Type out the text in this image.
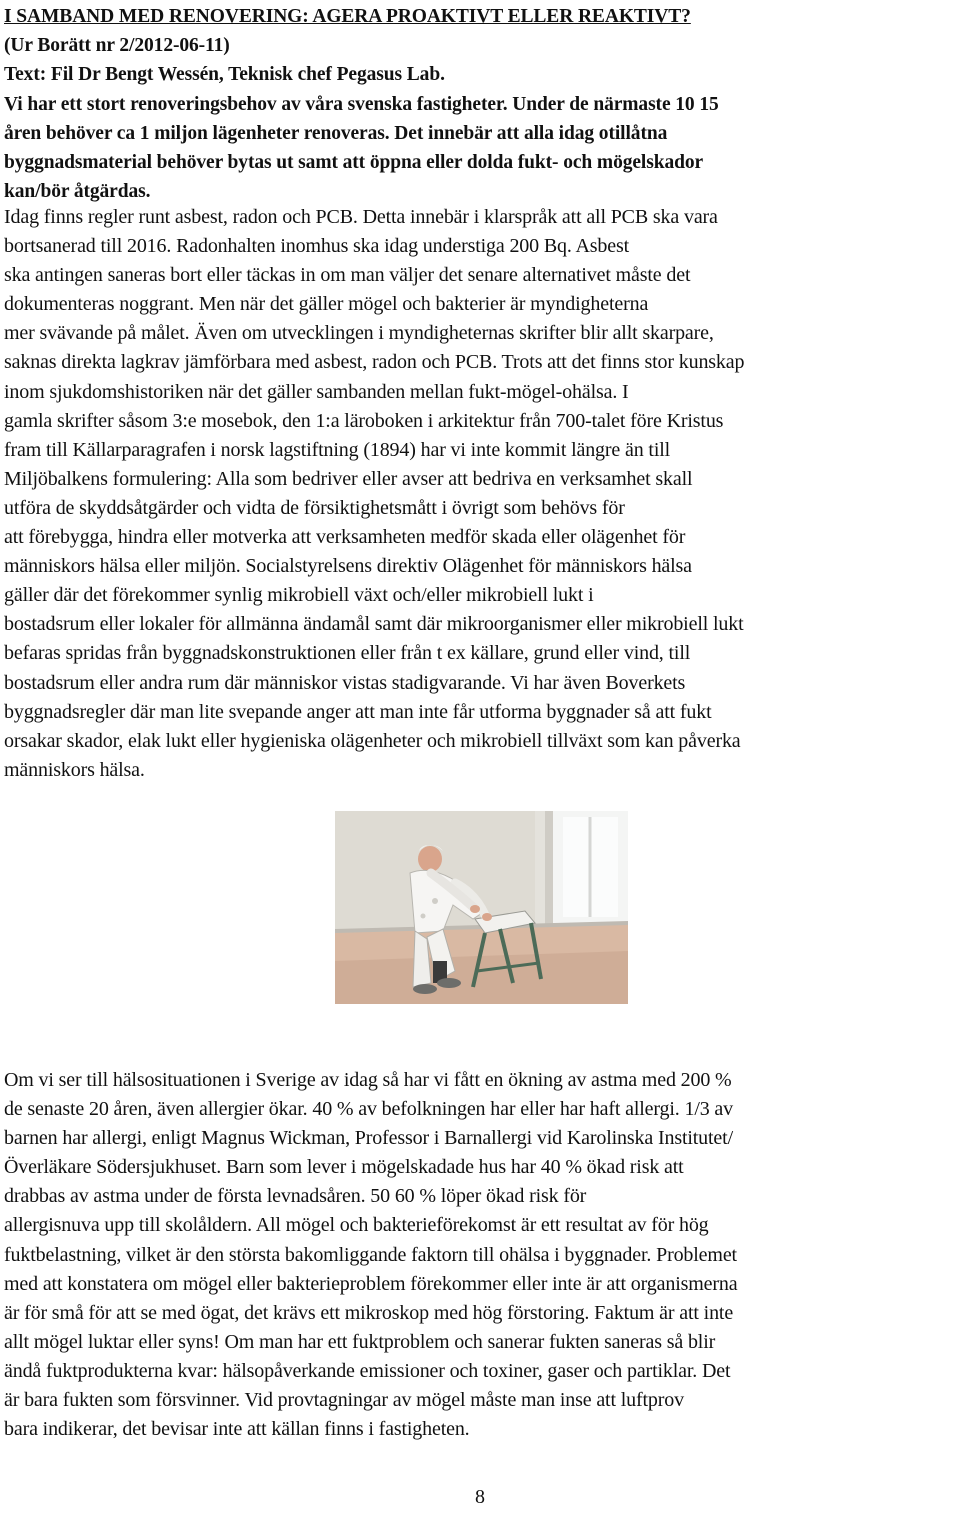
I SAMBAND MED RENOVERING: AGERA PROAKTIVT ELLER REAKTIVT?
(Ur Borätt nr 2/2012-06-11)
Text: Fil Dr Bengt Wessén, Teknisk chef Pegasus Lab.
Vi har ett stort renoveringsbehov av våra svenska fastigheter. Under de närmaste 10 15
åren behöver ca 1 miljon lägenheter renoveras. Det innebär att alla idag otillåtna
byggnadsmaterial behöver bytas ut samt att öppna eller dolda fukt- och mögelskador
kan/bör åtgärdas.
Idag finns regler runt asbest, radon och PCB. Detta innebär i klarspråk att all PCB ska vara
bortsanerad till 2016. Radonhalten inomhus ska idag understiga 200 Bq. Asbest
ska antingen saneras bort eller täckas in om man väljer det senare alternativet måste det
dokumenteras noggrant. Men när det gäller mögel och bakterier är myndigheterna
mer svävande på målet. Även om utvecklingen i myndigheternas skrifter blir allt skarpare,
saknas direkta lagkrav jämförbara med asbest, radon och PCB. Trots att det finns stor kunskap
inom sjukdomshistoriken när det gäller sambanden mellan fukt-mögel-ohälsa. I
gamla skrifter såsom 3:e mosebok, den 1:a läroboken i arkitektur från 700-talet före Kristus
fram till Källarparagrafen i norsk lagstiftning (1894) har vi inte kommit längre än till
Miljöbalkens formulering: Alla som bedriver eller avser att bedriva en verksamhet skall
utföra de skyddsåtgärder och vidta de försiktighetsmått i övrigt som behövs för
att förebygga, hindra eller motverka att verksamheten medför skada eller olägenhet för
människors hälsa eller miljön. Socialstyrelsens direktiv Olägenhet för människors hälsa
gäller där det förekommer synlig mikrobiell växt och/eller mikrobiell lukt i
bostadsrum eller lokaler för allmänna ändamål samt där mikroorganismer eller mikrobiell lukt
befaras spridas från byggnadskonstruktionen eller från t ex källare, grund eller vind, till
bostadsrum eller andra rum där människor vistas stadigvarande. Vi har även Boverkets
byggnadsregler där man lite svepande anger att man inte får utforma byggnader så att fukt
orsakar skador, elak lukt eller hygieniska olägenheter och mikrobiell tillväxt som kan påverka
människors hälsa.
Om vi ser till hälsosituationen i Sverige av idag så har vi fått en ökning av astma med 200 %
de senaste 20 åren, även allergier ökar. 40 % av befolkningen har eller har haft allergi. 1/3 av
barnen har allergi, enligt Magnus Wickman, Professor i Barnallergi vid Karolinska Institutet/
Överläkare Södersjukhuset. Barn som lever i mögelskadade hus har 40 % ökad risk att
drabbas av astma under de första levnadsåren. 50 60 % löper ökad risk för
allergisnuva upp till skolåldern. All mögel och bakterieförekomst är ett resultat av för hög
fuktbelastning, vilket är den största bakomliggande faktorn till ohälsa i byggnader. Problemet
med att konstatera om mögel eller bakterieproblem förekommer eller inte är att organismerna
är för små för att se med ögat, det krävs ett mikroskop med hög förstoring. Faktum är att inte
allt mögel luktar eller syns! Om man har ett fuktproblem och sanerar fukten saneras så blir
ändå fuktprodukterna kvar: hälsopåverkande emissioner och toxiner, gaser och partiklar. Det
är bara fukten som försvinner. Vid provtagningar av mögel måste man inse att luftprov
bara indikerar, det bevisar inte att källan finns i fastigheten.
8
